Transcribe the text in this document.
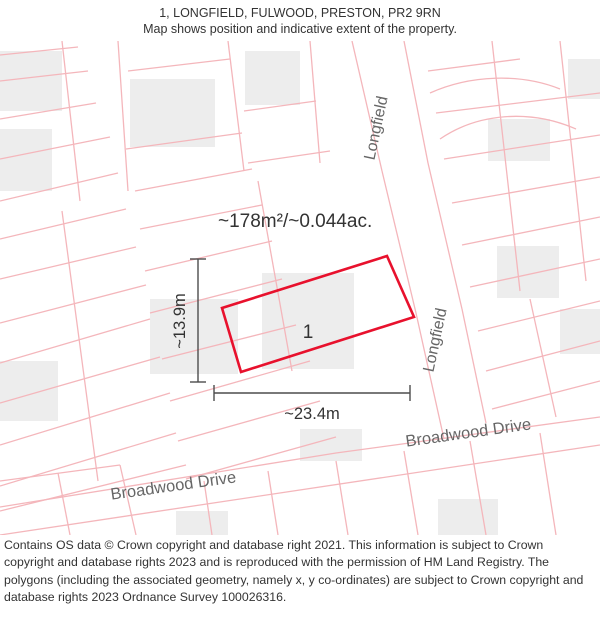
1, LONGFIELD, FULWOOD, PRESTON, PR2 9RN
Map shows position and indicative extent of the property.
~178m²/~0.044ac.
1
~23.4m
~13.9m
Longfield
Longfield
Broadwood Drive
Broadwood Drive

Contains OS data © Crown copyright and database right 2021. This information is subject to Crown copyright and database rights 2023 and is reproduced with the permission of HM Land Registry. The polygons (including the associated geometry, namely x, y co-ordinates) are subject to Crown copyright and database rights 2023 Ordnance Survey 100026316.
